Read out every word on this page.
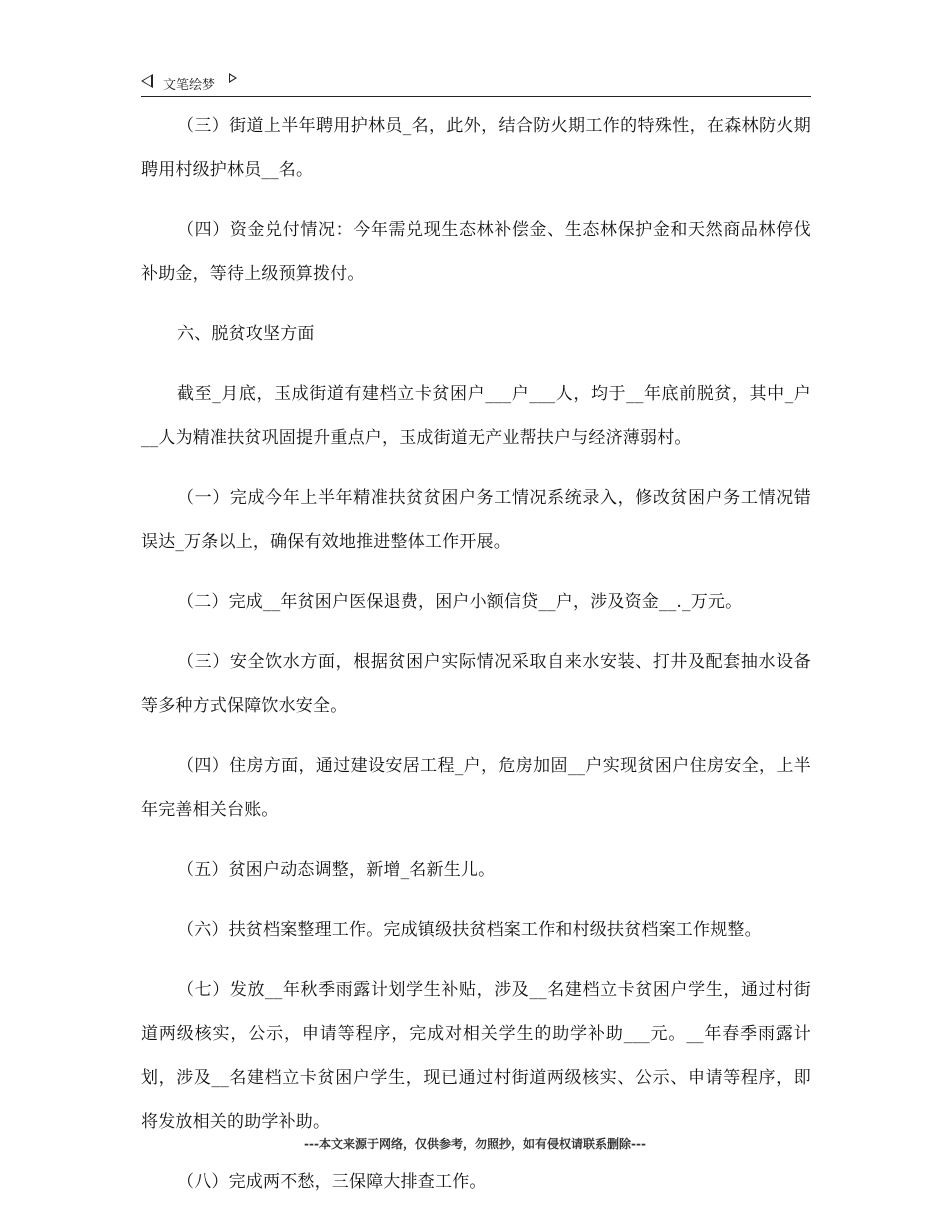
文笔绘梦

（三）街道上半年聘用护林员_名，此外，结合防火期工作的特殊性，在森林防火期聘用村级护林员__名。

（四）资金兑付情况：今年需兑现生态林补偿金、生态林保护金和天然商品林停伐补助金，等待上级预算拨付。

六、脱贫攻坚方面

截至_月底，玉成街道有建档立卡贫困户___户___人，均于__年底前脱贫，其中_户__人为精准扶贫巩固提升重点户，玉成街道无产业帮扶户与经济薄弱村。

（一）完成今年上半年精准扶贫贫困户务工情况系统录入，修改贫困户务工情况错误达_万条以上，确保有效地推进整体工作开展。

（二）完成__年贫困户医保退费，困户小额信贷__户，涉及资金__._万元。

（三）安全饮水方面，根据贫困户实际情况采取自来水安装、打井及配套抽水设备等多种方式保障饮水安全。

（四）住房方面，通过建设安居工程_户，危房加固__户实现贫困户住房安全，上半年完善相关台账。

（五）贫困户动态调整，新增_名新生儿。

（六）扶贫档案整理工作。完成镇级扶贫档案工作和村级扶贫档案工作规整。

（七）发放__年秋季雨露计划学生补贴，涉及__名建档立卡贫困户学生，通过村街道两级核实，公示，申请等程序，完成对相关学生的助学补助___元。__年春季雨露计划，涉及__名建档立卡贫困户学生，现已通过村街道两级核实、公示、申请等程序，即将发放相关的助学补助。

（八）完成两不愁，三保障大排查工作。

---本文来源于网络，仅供参考，勿照抄，如有侵权请联系删除---
